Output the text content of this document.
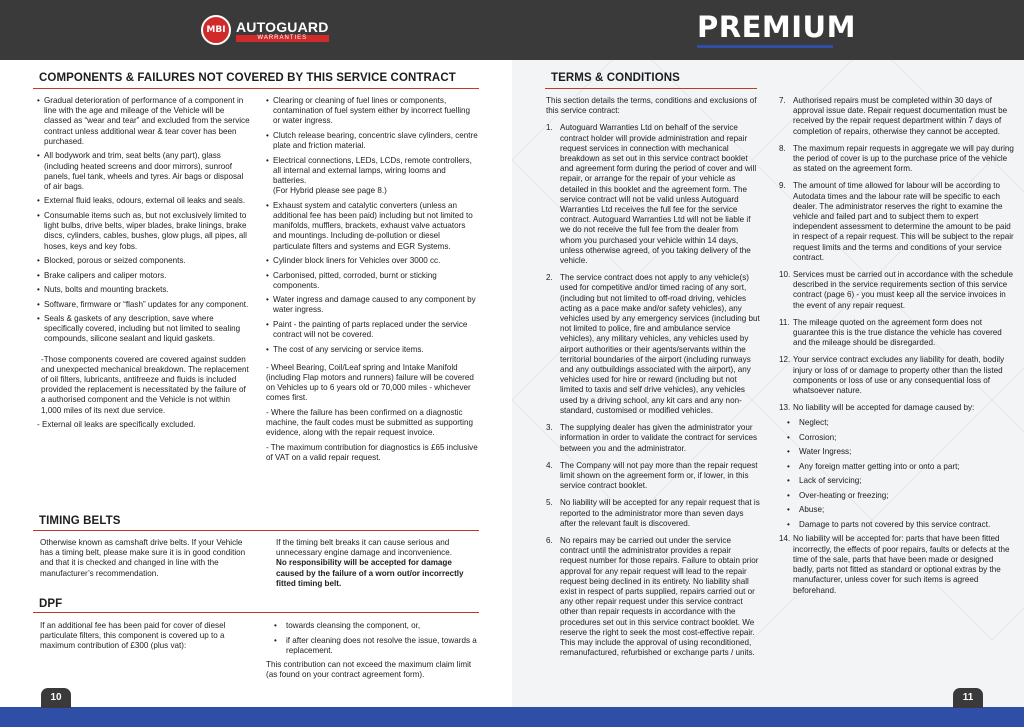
MBI AUTOGUARD
WARRANTIES	PREMIUM
COMPONENTS & FAILURES NOT COVERED BY THIS SERVICE CONTRACT

• Gradual deterioration of performance of a component in line with the age and mileage of the Vehicle will be classed as “wear and tear” and excluded from the service contract unless additional wear & tear cover has been purchased.

• All bodywork and trim, seat belts (any part), glass (including heated screens and door mirrors), sunroof panels, fuel tank, wheels and tyres. Air bags or disposal of air bags.

• External fluid leaks, odours, external oil leaks and seals.

• Consumable items such as, but not exclusively limited to light bulbs, drive belts, wiper blades, brake linings, brake discs, cylinders, cables, bushes, glow plugs, all pipes, all hoses, keys and key fobs.

• Blocked, porous or seized components.

• Brake calipers and caliper motors.

• Nuts, bolts and mounting brackets.

• Software, firmware or “flash” updates for any component.

• Seals & gaskets of any description, save where specifically covered, including but not limited to sealing compounds, silicone sealant and liquid gaskets.

-Those components covered are covered against sudden and unexpected mechanical breakdown. The replacement of oil filters, lubricants, antifreeze and fluids is included provided the replacement is necessitated by the failure of a authorised component and the Vehicle is not within 1,000 miles of its next due service.

- External oil leaks are specifically excluded.

• Clearing or cleaning of fuel lines or components, contamination of fuel system either by incorrect fuelling or water ingress.

• Clutch release bearing, concentric slave cylinders, centre plate and friction material.

• Electrical connections, LEDs, LCDs, remote controllers, all internal and external lamps, wiring looms and batteries.

(For Hybrid please see page 8.)

• Exhaust system and catalytic converters (unless an additional fee has been paid) including but not limited to manifolds, mufflers, brackets, exhaust valve actuators and mountings. Including de-pollution or diesel particulate filters and systems and EGR Systems.

• Cylinder block liners for Vehicles over 3000 cc.

• Carbonised, pitted, corroded, burnt or sticking components.

• Water ingress and damage caused to any component by water ingress.

• Paint - the painting of parts replaced under the service contract will not be covered.

• The cost of any servicing or service items.

- Wheel Bearing, Coil/Leaf spring and Intake Manifold (including Flap motors and runners) failure will be covered on Vehicles up to 6 years old or 70,000 miles - whichever comes first.

- Where the failure has been confirmed on a diagnostic machine, the fault codes must be submitted as supporting evidence, along with the repair request invoice.

- The maximum contribution for diagnostics is £65 inclusive of VAT on a valid repair request.

TIMING BELTS

Otherwise known as camshaft drive belts. If your Vehicle has a timing belt, please make sure it is in good condition and that it is checked and changed in line with the manufacturer’s recommendation.

If the timing belt breaks it can cause serious and unnecessary engine damage and inconvenience.

No responsibility will be accepted for damage caused by the failure of a worn out/or incorrectly fitted timing belt.

DPF

If an additional fee has been paid for cover of diesel particulate filters, this component is covered up to a maximum contribution of £300 (plus vat):

• towards cleansing the component, or,

• if after cleaning does not resolve the issue, towards a replacement.

This contribution can not exceed the maximum claim limit (as found on your contract agreement form).

TERMS & CONDITIONS

This section details the terms, conditions and exclusions of this service contract:

1. Autoguard Warranties Ltd on behalf of the service contract holder will provide administration and repair request services in connection with mechanical breakdown as set out in this service contract booklet and agreement form during the period of cover and will repair, or arrange for the repair of your vehicle as detailed in this booklet and the agreement form. The service contract will not be valid unless Autoguard Warranties Ltd receives the full fee for the service contract. Autoguard Warranties Ltd will not be liable if we do not receive the full fee from the dealer from whom you purchased your vehicle within 14 days, unless otherwise agreed, of you taking delivery of the vehicle.
2. The service contract does not apply to any vehicle(s) used for competitive and/or timed racing of any sort, (including but not limited to off-road driving, vehicles acting as a pace make and/or safety vehicles), any vehicles used by any emergency services (including but not limited to police, fire and ambulance service vehicles), any military vehicles, any vehicles used by airport authorities or their agents/servants within the territorial boundaries of the airport (including runways and any outbuildings associated with the airport), any vehicles used for hire or reward (including but not limited to taxis and self drive vehicles), any vehicles used by a driving school, any kit cars and any non-standard, customised or modified vehicles.
3. The supplying dealer has given the administrator your information in order to validate the contract for services between you and the administrator.
4. The Company will not pay more than the repair request limit shown on the agreement form or, if lower, in this service contract booklet.
5. No liability will be accepted for any repair request that is reported to the administrator more than seven days after the relevant fault is discovered.
6. No repairs may be carried out under the service contract until the administrator provides a repair request number for those repairs. Failure to obtain prior approval for any repair request will lead to the repair request being declined in its entirety. No liability shall exist in respect of parts supplied, repairs carried out or any other repair request under this service contract other than repair requests in accordance with the procedures set out in this service contract booklet. We reserve the right to seek the most cost-effective repair. This may include the approval of using reconditioned, remanufactured, refurbished or exchange parts / units.
7. Authorised repairs must be completed within 30 days of approval issue date. Repair request documentation must be received by the repair request department within 7 days of completion of repairs, otherwise they cannot be accepted.
8. The maximum repair requests in aggregate we will pay during the period of cover is up to the purchase price of the vehicle as stated on the agreement form.
9. The amount of time allowed for labour will be according to Autodata times and the labour rate will be specific to each dealer. The administrator reserves the right to examine the vehicle and failed part and to subject them to expert independent assessment to determine the amount to be paid in respect of a repair request. This will be subject to the repair request limits and the terms and conditions of your service contract.
10. Services must be carried out in accordance with the schedule described in the service requirements section of this service contract (page 6) - you must keep all the service invoices in the event of any repair request.
11. The mileage quoted on the agreement form does not guarantee this is the true distance the vehicle has covered and the mileage should be disregarded.
12. Your service contract excludes any liability for death, bodily injury or loss of or damage to property other than the listed components or loss of use or any consequential loss of whatsoever nature.
13. No liability will be accepted for damage caused by:

• Neglect;

• Corrosion;

• Water Ingress;

• Any foreign matter getting into or onto a part;

• Lack of servicing;

• Over-heating or freezing;

• Abuse;

• Damage to parts not covered by this service contract.

14. No liability will be accepted for: parts that have been fitted incorrectly, the effects of poor repairs, faults or defects at the time of the sale, parts that have been made or designed badly, parts not fitted as standard or optional extras by the manufacturer, unless cover for such items is agreed beforehand.
10	11
